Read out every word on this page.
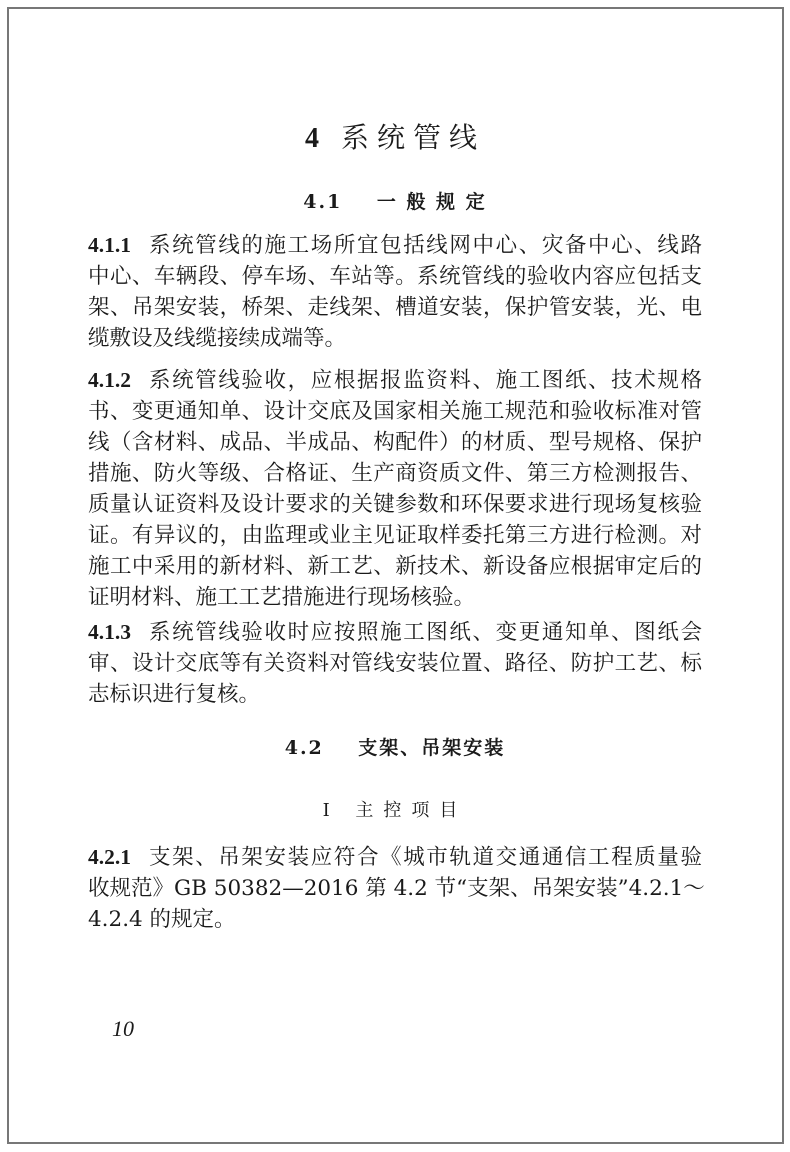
4 系统管线
4.1 一 般 规 定
4.1.1 系统管线的施工场所宜包括线网中心、灾备中心、线路
中心、车辆段、停车场、车站等。系统管线的验收内容应包括支
架、吊架安装，桥架、走线架、槽道安装，保护管安装，光、电
缆敷设及线缆接续成端等。
4.1.2 系统管线验收，应根据报监资料、施工图纸、技术规格
书、变更通知单、设计交底及国家相关施工规范和验收标准对管
线（含材料、成品、半成品、构配件）的材质、型号规格、保护
措施、防火等级、合格证、生产商资质文件、第三方检测报告、
质量认证资料及设计要求的关键参数和环保要求进行现场复核验
证。有异议的，由监理或业主见证取样委托第三方进行检测。对
施工中采用的新材料、新工艺、新技术、新设备应根据审定后的
证明材料、施工工艺措施进行现场核验。
4.1.3 系统管线验收时应按照施工图纸、变更通知单、图纸会
审、设计交底等有关资料对管线安装位置、路径、防护工艺、标
志标识进行复核。
4.2 支架、吊架安装
Ⅰ 主控项目
4.2.1 支架、吊架安装应符合《城市轨道交通通信工程质量验
收规范》GB 50382—2016 第 4.2 节“支架、吊架安装”4.2.1～
4.2.4 的规定。
10
